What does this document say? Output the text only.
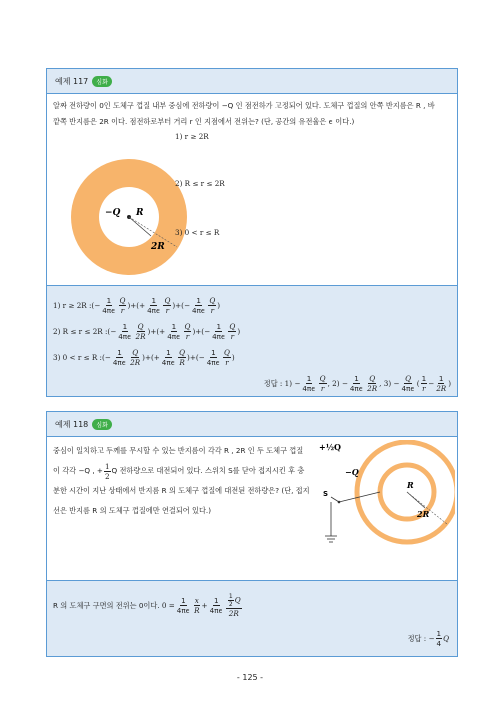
예제 117	심화
알짜 전하량이 0인 도체구 껍질 내부 중심에 전하량이 −Q 인 점전하가 고정되어 있다. 도체구 껍질의 안쪽 반지름은 R , 바
깥쪽 반지름은 2R 이다. 점전하로부터 거리 r 인 지점에서 전위는? (단, 공간의 유전율은 ϵ 이다.)
−Q R
2R
1) r ≥ 2R
2) R ≤ r ≤ 2R
3) 0 < r ≤ R
1) r ≥ 2R : (− $\frac{1}{4\pi\epsilon} \frac{Q}{r}$ )+(+ $\frac{1}{4\pi\epsilon} \frac{Q}{r}$ )+(− $\frac{1}{4\pi\epsilon} \frac{Q}{r}$ )
2) R ≤ r ≤ 2R : (− $\frac{1}{4\pi\epsilon} \frac{Q}{2R}$ )+(+ $\frac{1}{4\pi\epsilon} \frac{Q}{r}$ )+(− $\frac{1}{4\pi\epsilon} \frac{Q}{r}$ )
3) 0 < r ≤ R : (− $\frac{1}{4\pi\epsilon} \frac{Q}{2R}$ )+(+ $\frac{1}{4\pi\epsilon} \frac{Q}{R}$ )+(− $\frac{1}{4\pi\epsilon} \frac{Q}{r}$ )
정답 : $1) - \frac{1}{4\pi\epsilon} \frac{Q}{r}$ , $2) - \frac{1}{4\pi\epsilon} \frac{Q}{2R}$ , $3) - \frac{Q}{4\pi\epsilon}$ ( $\frac{1}{r} - \frac{1}{2R}$ )
예제 118	심화
중심이 일치하고 두께를 무시할 수 있는 반지름이 각각 R , 2R 인 두 도체구 껍질
이 각각 −Q , + $\frac{1}{2}$ Q 전하량으로 대전되어 있다. 스위치 S를 닫아 접지시킨 후 충
분한 시간이 지난 상태에서 반지름 R 의 도체구 껍질에 대전된 전하량은? (단, 접지
선은 반지름 R 의 도체구 껍질에만 연결되어 있다.)
+½Q
−Q
R
2R
S
R 의 도체구 구면의 전위는 0이다. $0 = \frac{1}{4\pi\epsilon} \frac{x}{R} + \frac{1}{4\pi\epsilon} \frac{\frac{1}{2} Q}{2R}$
정답 : − $\frac{1}{4}$ Q
- 125 -
